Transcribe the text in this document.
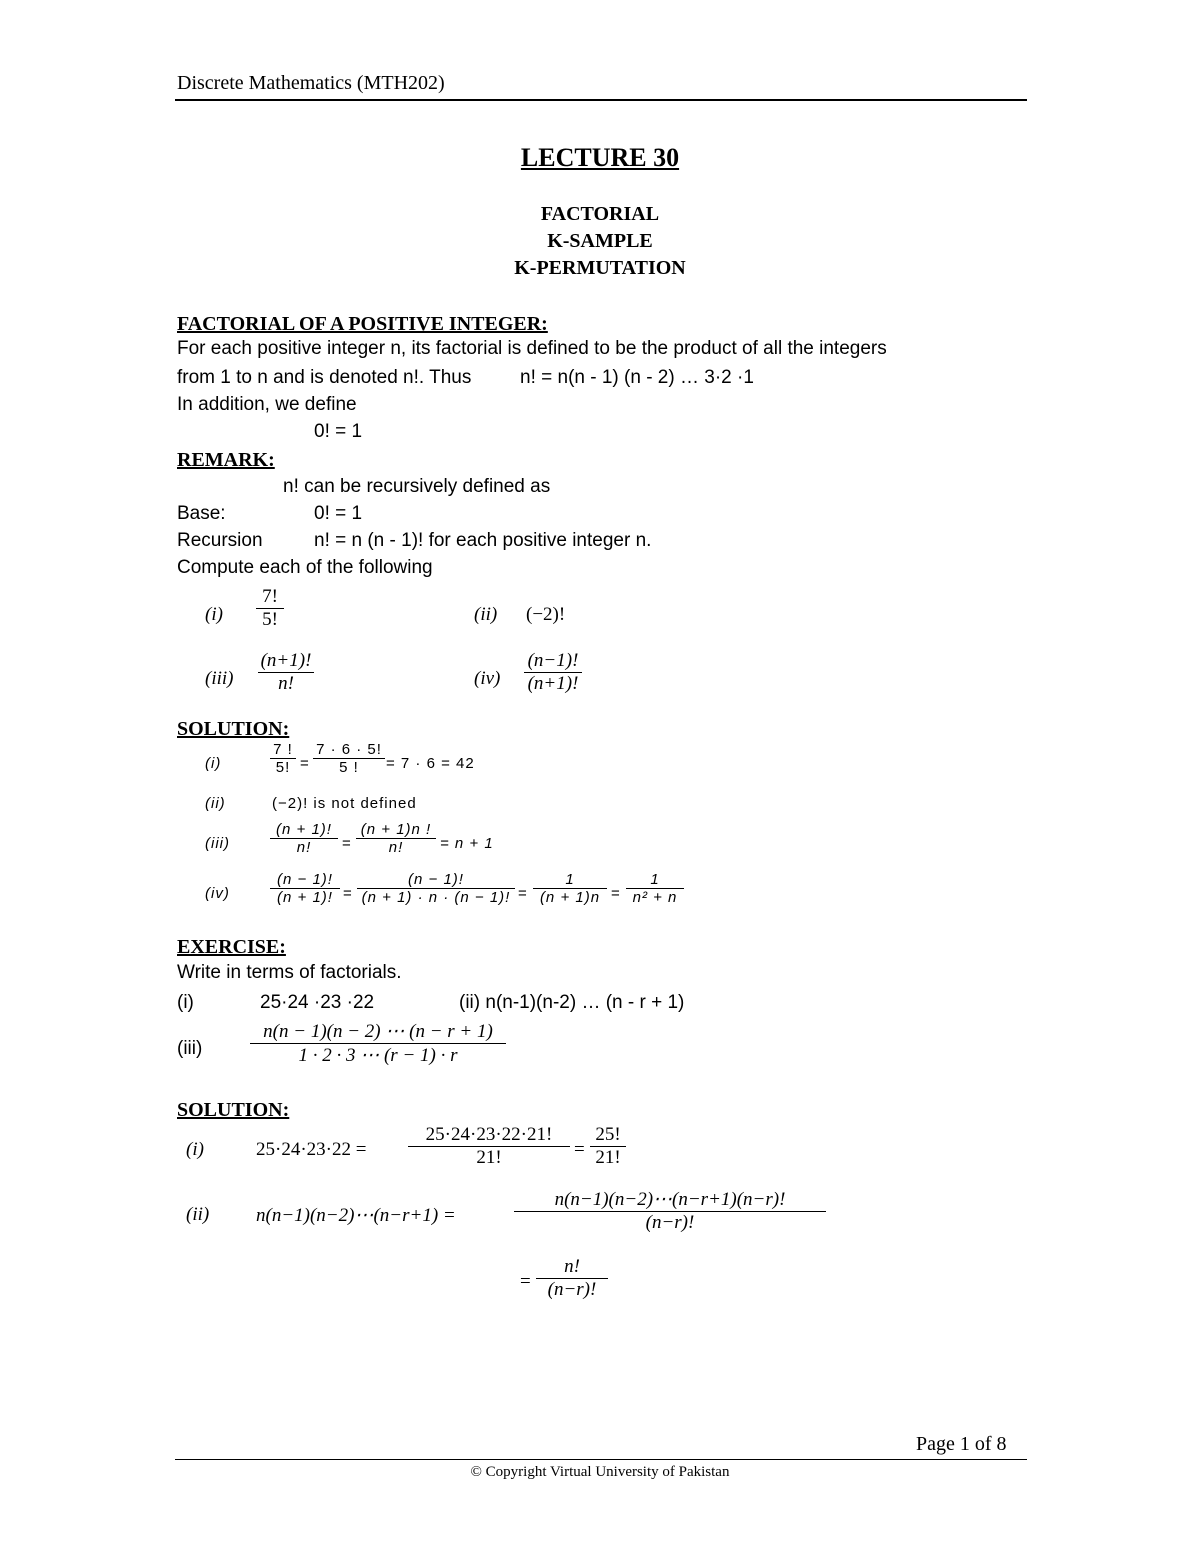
Discrete Mathematics (MTH202)
LECTURE 30
FACTORIAL
K-SAMPLE
K-PERMUTATION
FACTORIAL OF A POSITIVE INTEGER:
For each positive integer n, its factorial is defined to be the product of all the integers
from 1 to n and is denoted n!. Thus	n! = n(n - 1) (n - 2) … 3·2 ·1
In addition, we define
0! = 1
REMARK:
n! can be recursively defined as
Base:	0! = 1
Recursion	n! = n (n - 1)! for each positive integer n.
Compute each of the following
(i)
7!
5!	(ii) (−2)!
(iii)
(n+1)!
n!	(iv)
(n−1)!
(n+1)!
SOLUTION:
(i)
7 !
5! =
7 · 6 · 5!
5 !	= 7 · 6 = 42
(ii)	(−2)! is not defined
(iii)
(n + 1)!
n!	=
(n + 1)n !
n!	= n + 1
(iv)
(n − 1)!
(n + 1)! =
(n − 1)!
(n + 1) · n · (n − 1)! =
1
(n + 1)n =
1
n² + n
EXERCISE:
Write in terms of factorials.
(i)	25·24 ·23 ·22	(ii) n(n-1)(n-2) … (n - r + 1)
(iii)
n(n − 1)(n − 2) ⋯ (n − r + 1)
1 · 2 · 3 ⋯ (r − 1) · r
SOLUTION:
(i)	25·24·23·22 =
25·24·23·22·21!
21!	=
25!
21!
(ii) n(n−1)(n−2)⋯(n−r+1) =
n(n−1)(n−2)⋯(n−r+1)(n−r)!
(n−r)!
=
n!
(n−r)!
Page 1 of 8
© Copyright Virtual University of Pakistan
